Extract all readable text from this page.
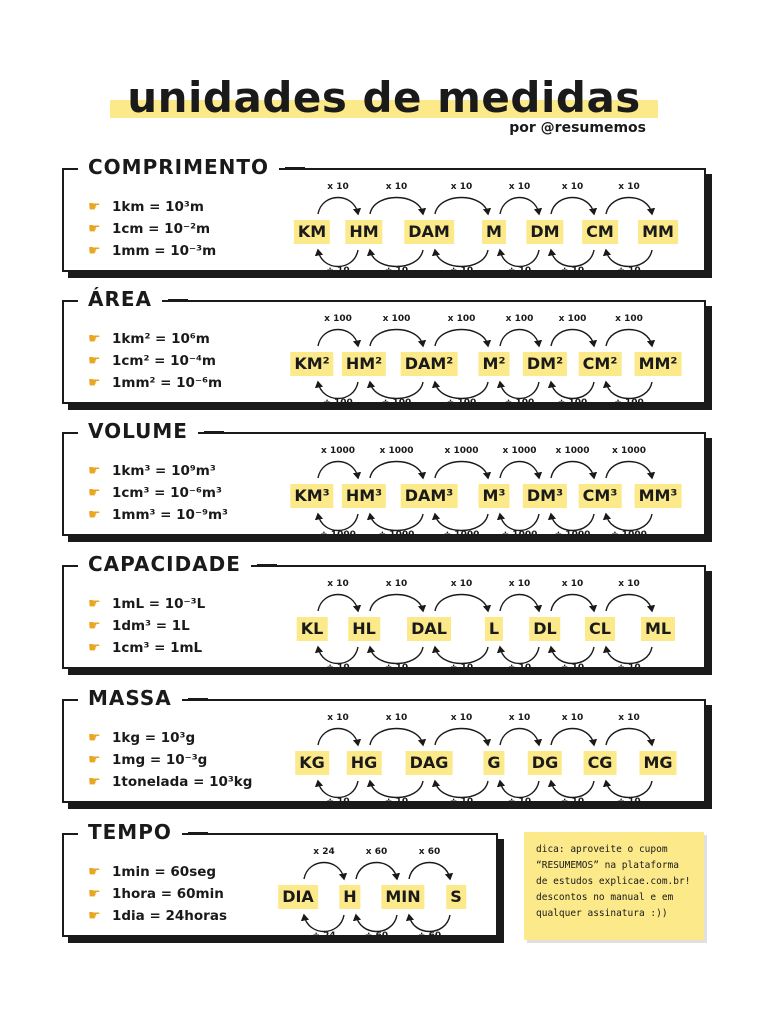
unidades de medidas
por @resumemos
COMPRIMENTO
☛ 1km = 10³m
☛ 1cm = 10⁻²m
☛ 1mm = 10⁻³m
x 10
÷ 10
x 10
÷ 10
x 10
÷ 10
x 10
÷ 10
x 10
÷ 10
x 10
÷ 10
KM HM DAM M DM CM MM
ÁREA
☛ 1km² = 10⁶m
☛ 1cm² = 10⁻⁴m
☛ 1mm² = 10⁻⁶m
x 100
÷ 100
x 100
÷ 100
x 100
÷ 100
x 100
÷ 100
x 100
÷ 100
x 100
÷ 100
KM² HM² DAM² M² DM² CM² MM²
VOLUME
☛ 1km³ = 10⁹m³
☛ 1cm³ = 10⁻⁶m³
☛ 1mm³ = 10⁻⁹m³
x 1000
÷ 1000
x 1000
÷ 1000
x 1000
÷ 1000
x 1000
÷ 1000
x 1000
÷ 1000
x 1000
÷ 1000
KM³ HM³ DAM³ M³ DM³ CM³ MM³
CAPACIDADE
☛ 1mL = 10⁻³L
☛ 1dm³ = 1L
☛ 1cm³ = 1mL
x 10
÷ 10
x 10
÷ 10
x 10
÷ 10
x 10
÷ 10
x 10
÷ 10
x 10
÷ 10
KL HL DAL	L DL CL ML
MASSA
☛ 1kg = 10³g
☛ 1mg = 10⁻³g
☛ 1tonelada = 10³kg
x 10
÷ 10
x 10
÷ 10
x 10
÷ 10
x 10
÷ 10
x 10
÷ 10
x 10
÷ 10
KG HG DAG G DG CG MG
TEMPO
☛ 1min = 60seg
☛ 1hora = 60min
☛ 1dia = 24horas
x 24
÷ 24
x 60
÷ 60
x 60
÷ 60
DIA H MIN S
dica: aproveite o cupom
“RESUMEMOS” na plataforma
de estudos explicae.com.br!
descontos no manual e em
qualquer assinatura :))
